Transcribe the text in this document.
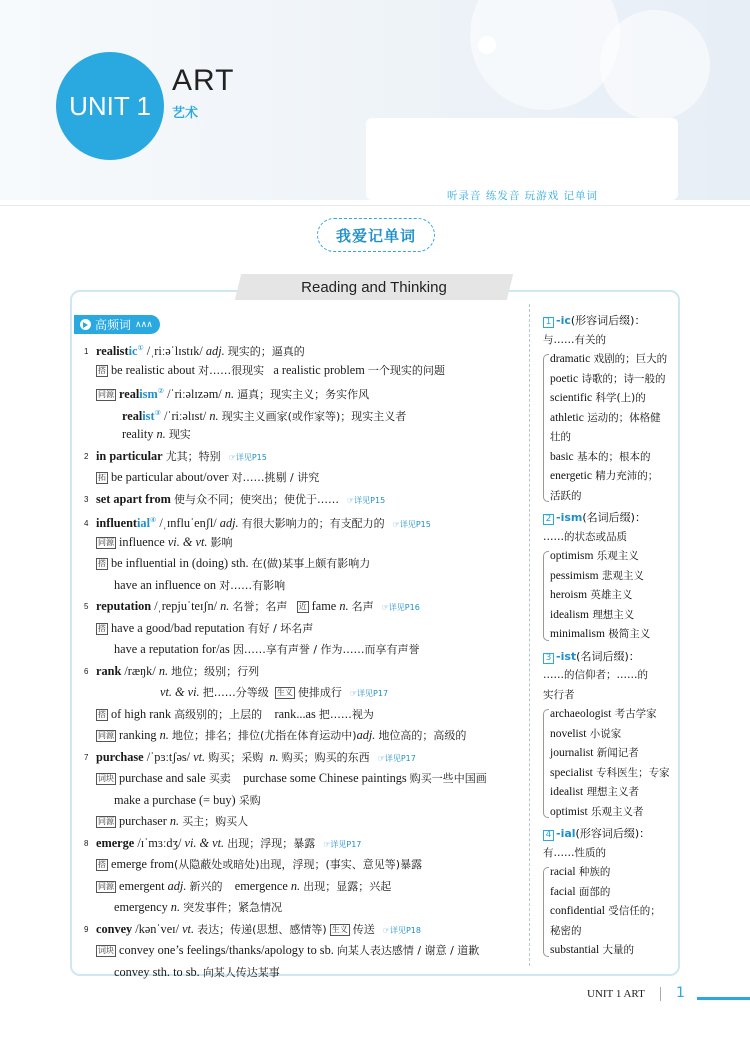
UNIT 1
ART
艺术
听录音 练发音 玩游戏 记单词
我爱记单词
Reading and Thinking
高频词 ∧∧∧
1 realistic① /ˌriːəˈlɪstɪk/ adj. 现实的；逼真的
搭 be realistic about 对……很现实 a realistic problem 一个现实的问题
同源 realism② /ˈriːəlɪzəm/ n. 逼真；现实主义；务实作风
realist③ /ˈriːəlɪst/ n. 现实主义画家(或作家等)；现实主义者
reality n. 现实
2 in particular 尤其；特别 ☞详见P15
拓 be particular about/over 对……挑剔 / 讲究
3 set apart from 使与众不同；使突出；使优于…… ☞详见P15
4 influential④ /ˌɪnfluˈenʃl/ adj. 有很大影响力的；有支配力的 ☞详见P15
同源 influence vi. & vt. 影响
搭 be influential in (doing) sth. 在(做)某事上颇有影响力
have an influence on 对……有影响
5 reputation /ˌrepjuˈteɪʃn/ n. 名誉；名声 近 fame n. 名声 ☞详见P16
搭 have a good/bad reputation 有好 / 坏名声
have a reputation for/as 因……享有声誉 / 作为……而享有声誉
6 rank /ræŋk/ n. 地位；级别；行列
vt. & vi. 把……分等级 生义 使排成行 ☞详见P17
搭 of high rank 高级别的；上层的 rank...as 把……视为
同源 ranking n. 地位；排名；排位(尤指在体育运动中)adj. 地位高的；高级的
7 purchase /ˈpɜːtʃəs/ vt. 购买；采购 n. 购买；购买的东西 ☞详见P17
词块 purchase and sale 买卖 purchase some Chinese paintings 购买一些中国画
make a purchase (= buy) 采购
同源 purchaser n. 买主；购买人
8 emerge /ɪˈmɜːdʒ/ vi. & vt. 出现；浮现；暴露 ☞详见P17
搭 emerge from(从隐蔽处或暗处)出现，浮现；(事实、意见等)暴露
同源 emergent adj. 新兴的 emergence n. 出现；显露；兴起
emergency n. 突发事件；紧急情况
9 convey /kənˈveɪ/ vt. 表达；传递(思想、感情等) 生义 传送 ☞详见P18
词块 convey one’s feelings/thanks/apology to sb. 向某人表达感情 / 谢意 / 道歉
convey sth. to sb. 向某人传达某事
1 -ic(形容词后缀)：
与……有关的
dramatic 戏剧的；巨大的
poetic 诗歌的；诗一般的
scientific 科学(上)的
athletic 运动的；体格健
壮的
basic 基本的；根本的
energetic 精力充沛的；
活跃的
2 -ism(名词后缀)：
……的状态或品质
optimism 乐观主义
pessimism 悲观主义
heroism 英雄主义
idealism 理想主义
minimalism 极简主义
3 -ist(名词后缀)：
……的信仰者；……的
实行者
archaeologist 考古学家
novelist 小说家
journalist 新闻记者
specialist 专科医生；专家
idealist 理想主义者
optimist 乐观主义者
4 -ial(形容词后缀)：
有……性质的
racial 种族的
facial 面部的
confidential 受信任的；
秘密的
substantial 大量的
UNIT 1 ART 1
